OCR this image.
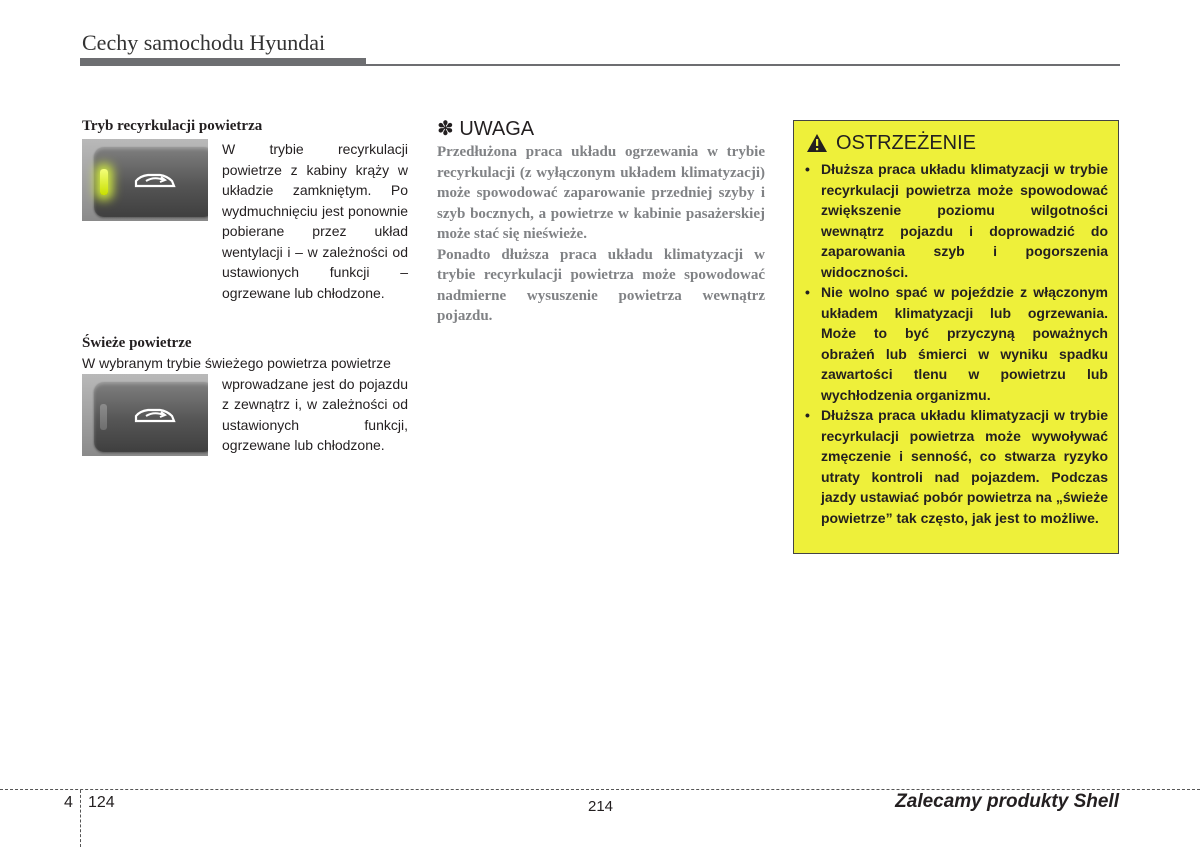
Cechy samochodu Hyundai
Tryb recyrkulacji powietrza
W trybie recyrkulacji powietrze z kabiny krąży w układzie zamkniętym. Po wydmuchnięciu jest ponownie pobierane przez układ wentylacji i – w zależności od ustawionych funkcji – ogrzewane lub chłodzone.
Świeże powietrze

W wybranym trybie świeżego powietrza powietrze

wprowadzane jest do pojazdu z zewnątrz i, w zależności od ustawionych funkcji, ogrzewane lub chłodzone.
✽ UWAGA

Przedłużona praca układu ogrzewania w trybie recyrkulacji (z wyłączonym układem klimatyzacji) może spowodować zaparowanie przedniej szyby i szyb bocznych, a powietrze w kabinie pasażerskiej może stać się nieświeże.

Ponadto dłuższa praca układu klimatyzacji w trybie recyrkulacji powietrza może spowodować nadmierne wysuszenie powietrza wewnątrz pojazdu.

OSTRZEŻENIE
• Dłuższa praca układu klimatyzacji w trybie recyrkulacji powietrza może spowodować zwiększenie poziomu wilgotności wewnątrz pojazdu i doprowadzić do zaparowania szyb i pogorszenia widoczności.
• Nie wolno spać w pojeździe z włączonym układem klimatyzacji lub ogrzewania. Może to być przyczyną poważnych obrażeń lub śmierci w wyniku spadku zawartości tlenu w powietrzu lub wychłodzenia organizmu.
• Dłuższa praca układu klimatyzacji w trybie recyrkulacji powietrza może wywoływać zmęczenie i senność, co stwarza ryzyko utraty kontroli nad pojazdem. Podczas jazdy ustawiać pobór powietrza na „świeże powietrze” tak często, jak jest to możliwe.
4 124	214	Zalecamy produkty Shell
